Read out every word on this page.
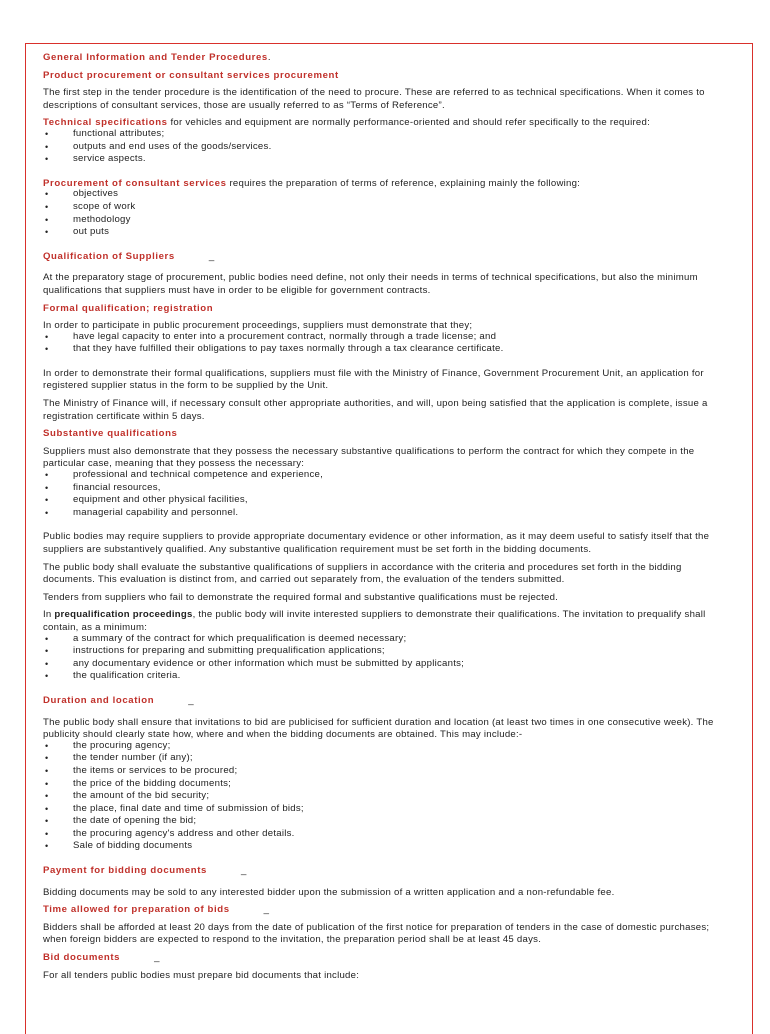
General Information and Tender Procedures.

Product procurement or consultant services procurement

The first step in the tender procedure is the identification of the need to procure. These are referred to as technical specifications. When it comes to descriptions of consultant services, those are usually referred to as “Terms of Reference”.

Technical specifications for vehicles and equipment are normally performance-oriented and should refer specifically to the required:

• functional attributes;
• outputs and end uses of the goods/services.
• service aspects.

Procurement of consultant services requires the preparation of terms of reference, explaining mainly the following:

• objectives
• scope of work
• methodology
• out puts

Qualification of Suppliers	_

At the preparatory stage of procurement, public bodies need define, not only their needs in terms of technical specifications, but also the minimum qualifications that suppliers must have in order to be eligible for government contracts.

Formal qualification; registration

In order to participate in public procurement proceedings, suppliers must demonstrate that they;

• have legal capacity to enter into a procurement contract, normally through a trade license; and
• that they have fulfilled their obligations to pay taxes normally through a tax clearance certificate.

In order to demonstrate their formal qualifications, suppliers must file with the Ministry of Finance, Government Procurement Unit, an application for registered supplier status in the form to be supplied by the Unit.

The Ministry of Finance will, if necessary consult other appropriate authorities, and will, upon being satisfied that the application is complete, issue a registration certificate within 5 days.

Substantive qualifications

Suppliers must also demonstrate that they possess the necessary substantive qualifications to perform the contract for which they compete in the particular case, meaning that they possess the necessary:

• professional and technical competence and experience,
• financial resources,
• equipment and other physical facilities,
• managerial capability and personnel.

Public bodies may require suppliers to provide appropriate documentary evidence or other information, as it may deem useful to satisfy itself that the suppliers are substantively qualified. Any substantive qualification requirement must be set forth in the bidding documents.

The public body shall evaluate the substantive qualifications of suppliers in accordance with the criteria and procedures set forth in the bidding documents. This evaluation is distinct from, and carried out separately from, the evaluation of the tenders submitted.

Tenders from suppliers who fail to demonstrate the required formal and substantive qualifications must be rejected.

In prequalification proceedings, the public body will invite interested suppliers to demonstrate their qualifications. The invitation to prequalify shall contain, as a minimum:

• a summary of the contract for which prequalification is deemed necessary;
• instructions for preparing and submitting prequalification applications;
• any documentary evidence or other information which must be submitted by applicants;
• the qualification criteria.

Duration and location	_

The public body shall ensure that invitations to bid are publicised for sufficient duration and location (at least two times in one consecutive week). The publicity should clearly state how, where and when the bidding documents are obtained. This may include:-

• the procuring agency;
• the tender number (if any);
• the items or services to be procured;
• the price of the bidding documents;
• the amount of the bid security;
• the place, final date and time of submission of bids;
• the date of opening the bid;
• the procuring agency's address and other details.
• Sale of bidding documents

Payment for bidding documents	_

Bidding documents may be sold to any interested bidder upon the submission of a written application and a non-refundable fee.

Time allowed for preparation of bids	_

Bidders shall be afforded at least 20 days from the date of publication of the first notice for preparation of tenders in the case of domestic purchases; when foreign bidders are expected to respond to the invitation, the preparation period shall be at least 45 days.

Bid documents	_

For all tenders public bodies must prepare bid documents that include:
